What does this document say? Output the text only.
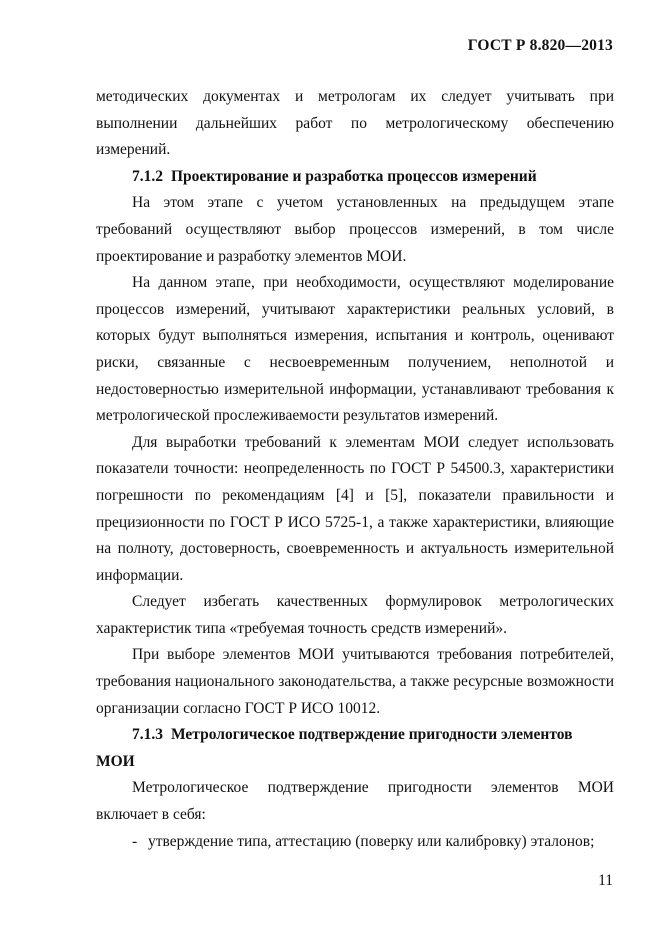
ГОСТ Р 8.820—2013

методических документах и метрологам их следует учитывать при выполнении дальнейших работ по метрологическому обеспечению измерений.

7.1.2 Проектирование и разработка процессов измерений

На этом этапе с учетом установленных на предыдущем этапе требований осуществляют выбор процессов измерений, в том числе проектирование и разработку элементов МОИ.

На данном этапе, при необходимости, осуществляют моделирование процессов измерений, учитывают характеристики реальных условий, в которых будут выполняться измерения, испытания и контроль, оценивают риски, связанные с несвоевременным получением, неполнотой и недостоверностью измерительной информации, устанавливают требования к метрологической прослеживаемости результатов измерений.

Для выработки требований к элементам МОИ следует использовать показатели точности: неопределенность по ГОСТ Р 54500.3, характеристики погрешности по рекомендациям [4] и [5], показатели правильности и прецизионности по ГОСТ Р ИСО 5725-1, а также характеристики, влияющие на полноту, достоверность, своевременность и актуальность измерительной информации.

Следует избегать качественных формулировок метрологических характеристик типа «требуемая точность средств измерений».

При выборе элементов МОИ учитываются требования потребителей, требования национального законодательства, а также ресурсные возможности организации согласно ГОСТ Р ИСО 10012.

7.1.3 Метрологическое подтверждение пригодности элементов МОИ

Метрологическое подтверждение пригодности элементов МОИ включает в себя:

- утверждение типа, аттестацию (поверку или калибровку) эталонов;
11
